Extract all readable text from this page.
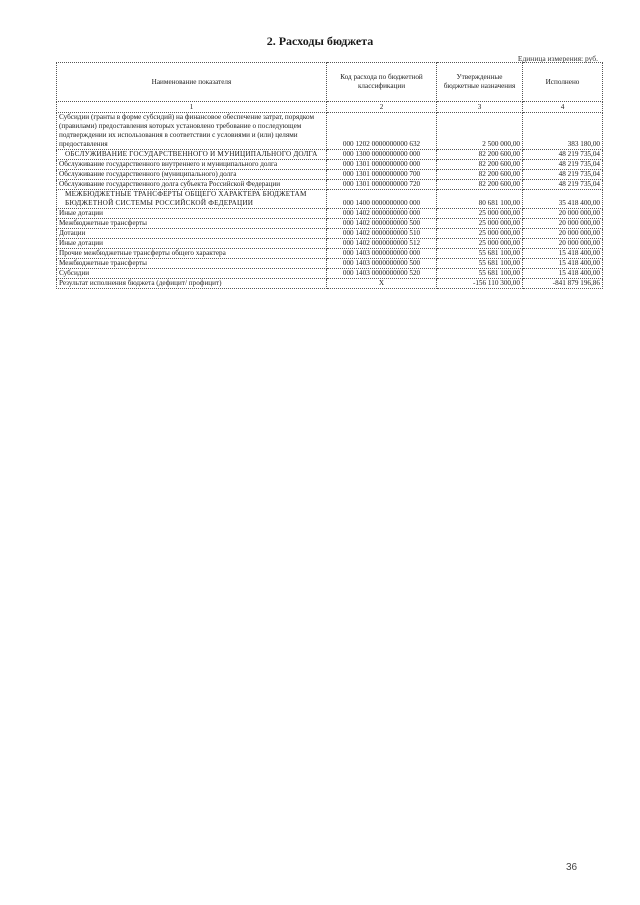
2. Расходы бюджета
Единица измерения: руб.
Наименование показателя	Код расхода по бюджетной классификации	Утвержденные бюджетные назначения	Исполнено
1	2	3	4
Субсидии (гранты в форме субсидий) на финансовое обеспечение затрат, порядком (правилами) предоставления которых установлено требование о последующем подтверждении их использования в соответствии с условиями и (или) целями предоставления	000 1202 0000000000 632	2 500 000,00	383 180,00
ОБСЛУЖИВАНИЕ ГОСУДАРСТВЕННОГО И МУНИЦИПАЛЬНОГО ДОЛГА	000 1300 0000000000 000	82 200 600,00	48 219 735,04
Обслуживание государственного внутреннего и муниципального долга	000 1301 0000000000 000	82 200 600,00	48 219 735,04
Обслуживание государственного (муниципального) долга	000 1301 0000000000 700	82 200 600,00	48 219 735,04
Обслуживание государственного долга субъекта Российской Федерации	000 1301 0000000000 720	82 200 600,00	48 219 735,04
МЕЖБЮДЖЕТНЫЕ ТРАНСФЕРТЫ ОБЩЕГО ХАРАКТЕРА БЮДЖЕТАМ БЮДЖЕТНОЙ СИСТЕМЫ РОССИЙСКОЙ ФЕДЕРАЦИИ	000 1400 0000000000 000	80 681 100,00	35 418 400,00
Иные дотации	000 1402 0000000000 000	25 000 000,00	20 000 000,00
Межбюджетные трансферты	000 1402 0000000000 500	25 000 000,00	20 000 000,00
Дотации	000 1402 0000000000 510	25 000 000,00	20 000 000,00
Иные дотации	000 1402 0000000000 512	25 000 000,00	20 000 000,00
Прочие межбюджетные трансферты общего характера	000 1403 0000000000 000	55 681 100,00	15 418 400,00
Межбюджетные трансферты	000 1403 0000000000 500	55 681 100,00	15 418 400,00
Субсидии	000 1403 0000000000 520	55 681 100,00	15 418 400,00
Результат исполнения бюджета (дефицит/ профицит)	X	-156 110 300,00	-841 879 196,86
36
